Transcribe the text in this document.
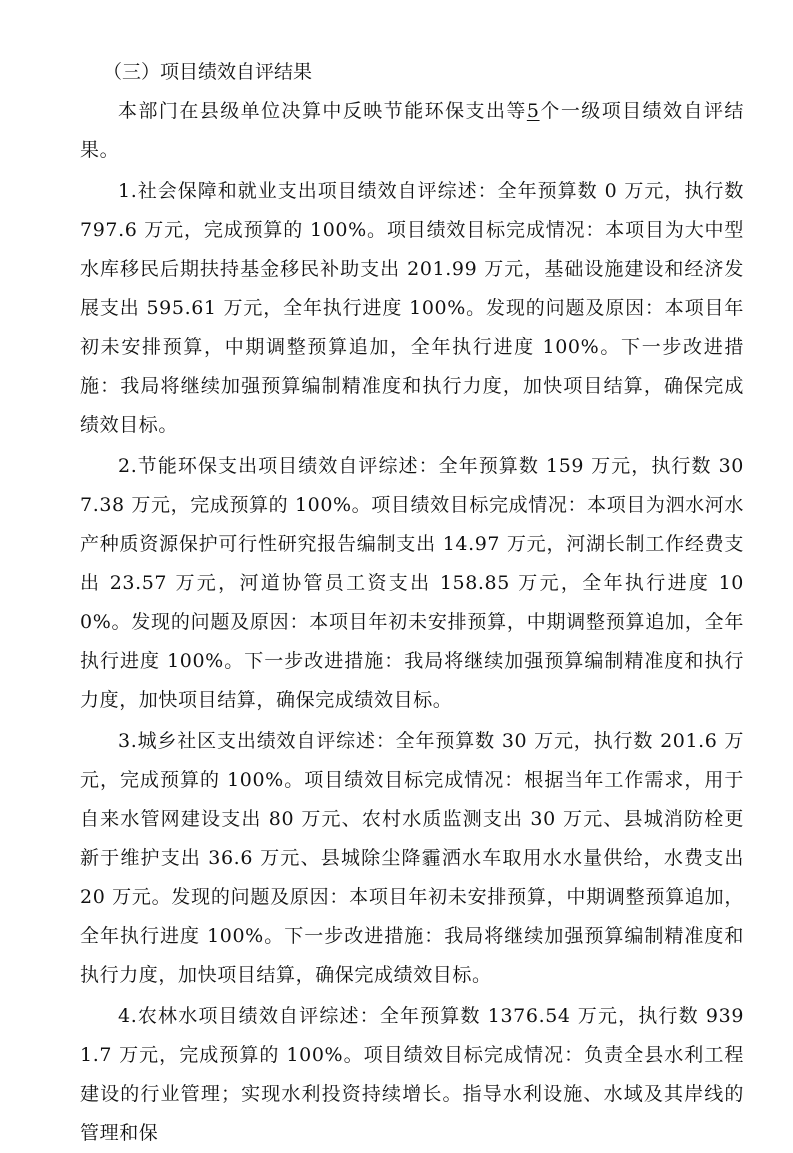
（三）项目绩效自评结果

本部门在县级单位决算中反映节能环保支出等5个一级项目绩效自评结果。

1.社会保障和就业支出项目绩效自评综述：全年预算数 0 万元，执行数 797.6 万元，完成预算的 100%。项目绩效目标完成情况：本项目为大中型水库移民后期扶持基金移民补助支出 201.99 万元，基础设施建设和经济发展支出 595.61 万元，全年执行进度 100%。发现的问题及原因：本项目年初未安排预算，中期调整预算追加，全年执行进度 100%。下一步改进措施：我局将继续加强预算编制精准度和执行力度，加快项目结算，确保完成绩效目标。

2.节能环保支出项目绩效自评综述：全年预算数 159 万元，执行数 307.38 万元，完成预算的 100%。项目绩效目标完成情况：本项目为泗水河水产种质资源保护可行性研究报告编制支出 14.97 万元，河湖长制工作经费支出 23.57 万元，河道协管员工资支出 158.85 万元，全年执行进度 100%。发现的问题及原因：本项目年初未安排预算，中期调整预算追加，全年执行进度 100%。下一步改进措施：我局将继续加强预算编制精准度和执行力度，加快项目结算，确保完成绩效目标。

3.城乡社区支出绩效自评综述：全年预算数 30 万元，执行数 201.6 万元，完成预算的 100%。项目绩效目标完成情况：根据当年工作需求，用于自来水管网建设支出 80 万元、农村水质监测支出 30 万元、县城消防栓更新于维护支出 36.6 万元、县城除尘降霾洒水车取用水水量供给，水费支出 20 万元。发现的问题及原因：本项目年初未安排预算，中期调整预算追加，全年执行进度 100%。下一步改进措施：我局将继续加强预算编制精准度和执行力度，加快项目结算，确保完成绩效目标。

4.农林水项目绩效自评综述：全年预算数 1376.54 万元，执行数 9391.7 万元，完成预算的 100%。项目绩效目标完成情况：负责全县水利工程建设的行业管理；实现水利投资持续增长。指导水利设施、水域及其岸线的管理和保
